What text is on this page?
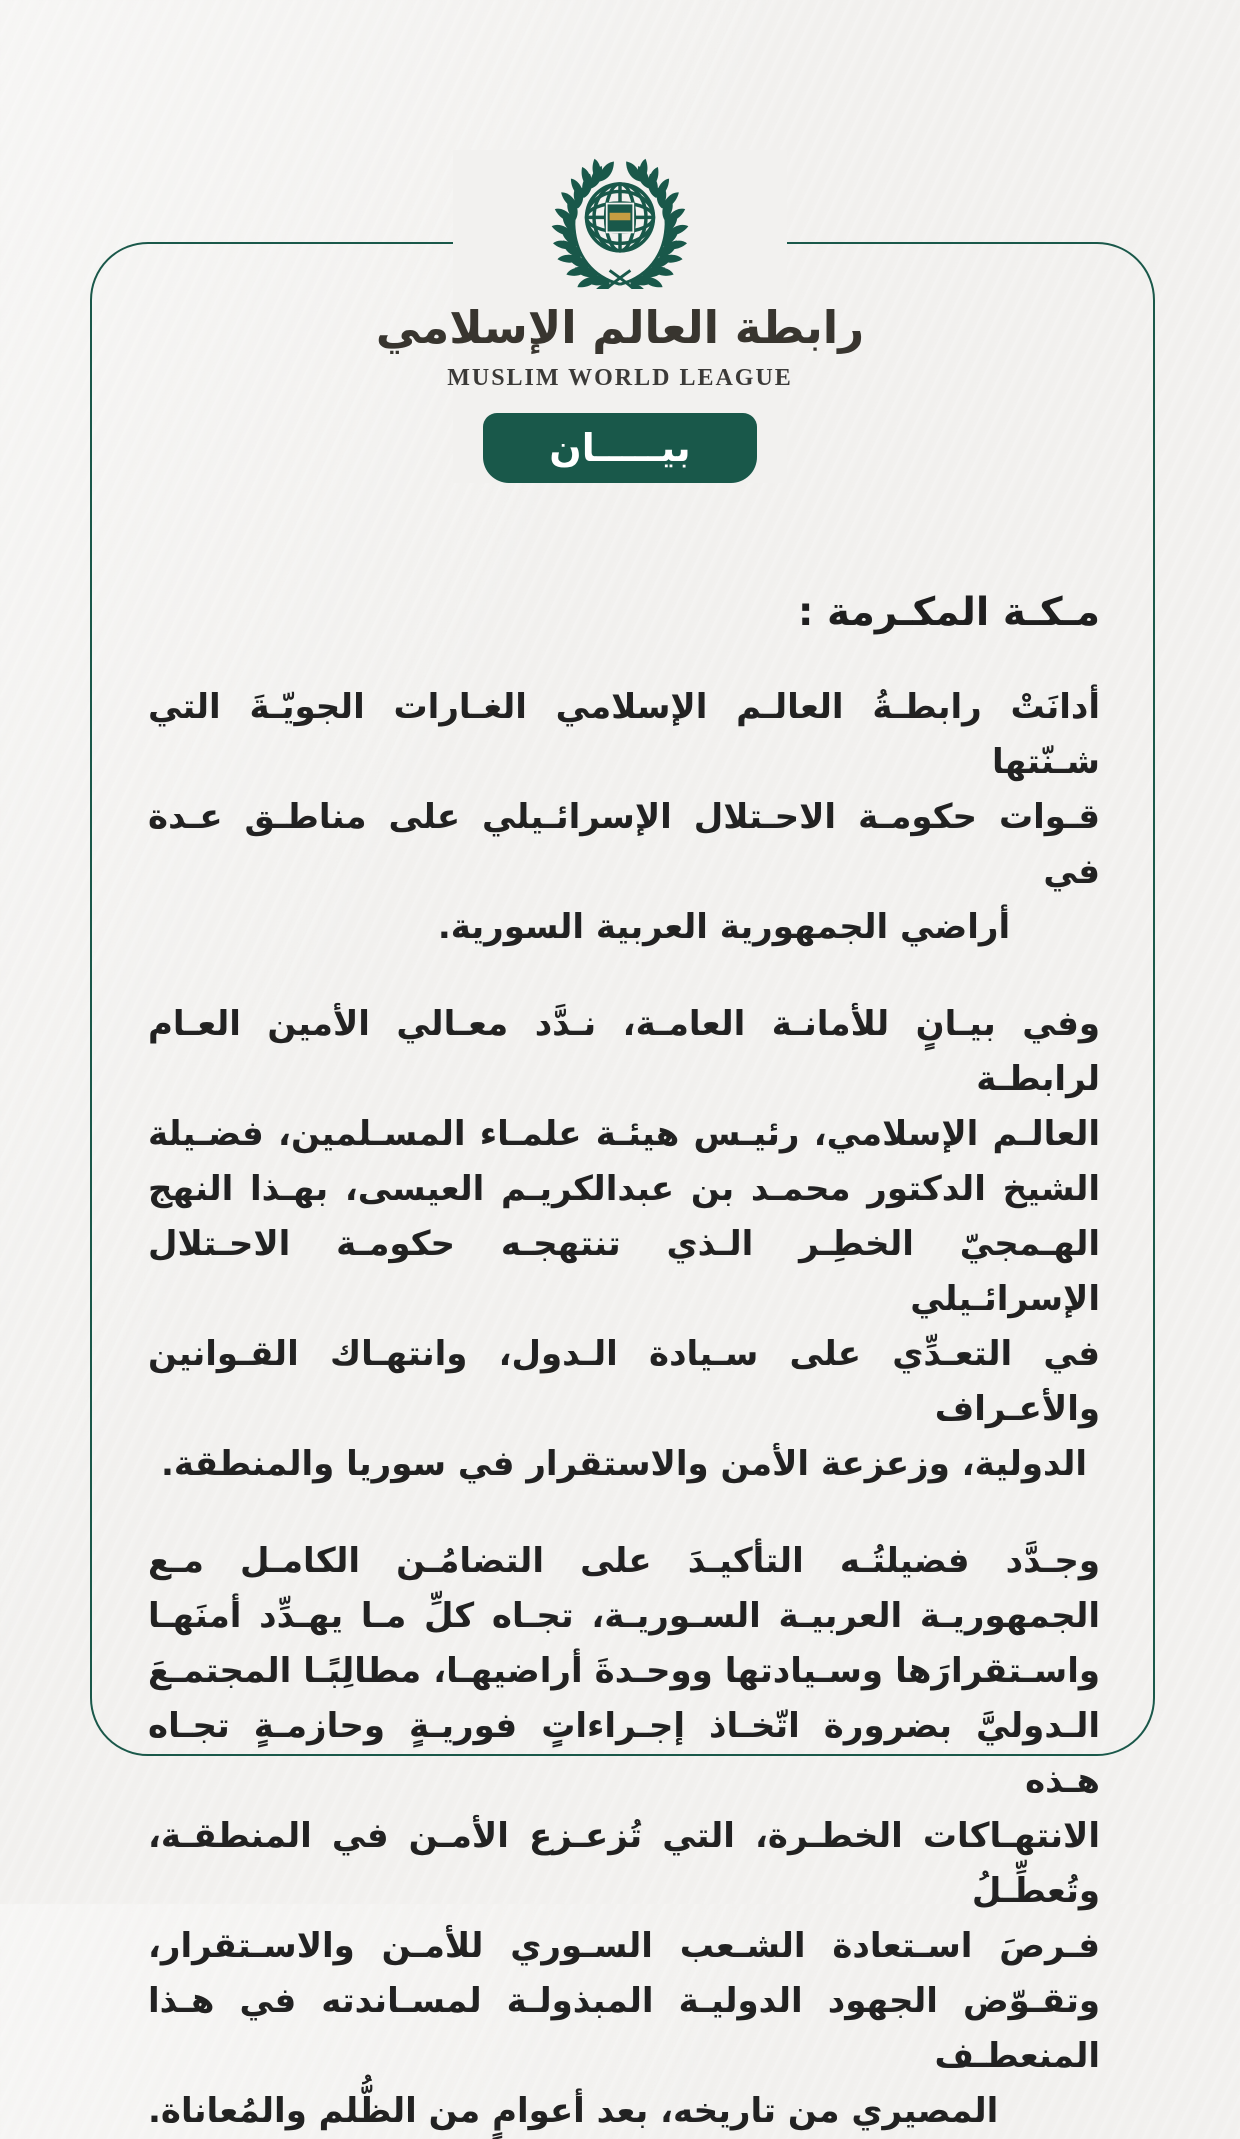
رابطة العالم الإسلامي
MUSLIM WORLD LEAGUE
بيـــــان
مـكـة المكـرمة :
أدانَتْ رابطـةُ العالـم الإسلامي الغـارات الجويّـةَ التي شـنّتها
قـوات حكومـة الاحـتلال الإسرائـيلي على مناطـق عـدة في
أراضي الجمهورية العربية السورية.
وفي بيـانٍ للأمانـة العامـة، نـدَّد معـالي الأمين العـام لرابطـة
العالـم الإسلامي، رئيـس هيئـة علمـاء المسـلمين، فضـيلة
الشيخ الدكتور محمـد بن عبدالكريـم العيسى، بهـذا النهج
الهـمجيّ الخطِـر الـذي تنتهجـه حكومـة الاحـتلال الإسرائـيلي
في التعـدِّي على سـيادة الـدول، وانتهـاك القـوانين والأعـراف
الدولية، وزعزعة الأمن والاستقرار في سوريا والمنطقة.
وجـدَّد فضيلتُـه التأكيـدَ على التضامُـن الكامـل مـع
الجمهوريـة العربيـة السـوريـة، تجـاه كلِّ مـا يهـدِّد أمنَهـا
واسـتقرارَها وسـيادتها ووحـدةَ أراضيهـا، مطالِبًـا المجتمـعَ
الـدوليَّ بضرورة اتّخـاذ إجـراءاتٍ فوريـةٍ وحازمـةٍ تجـاه هـذه
الانتهـاكات الخطـرة، التي تُزعـزع الأمـن في المنطقـة، وتُعطِّـلُ
فـرصَ اسـتعادة الشـعب السـوري للأمـن والاسـتقرار،
وتقـوّض الجهود الدوليـة المبذولـة لمسـاندته في هـذا المنعطـف
المصيري من تاريخه، بعد أعوامٍ من الظُّلم والمُعاناة.
